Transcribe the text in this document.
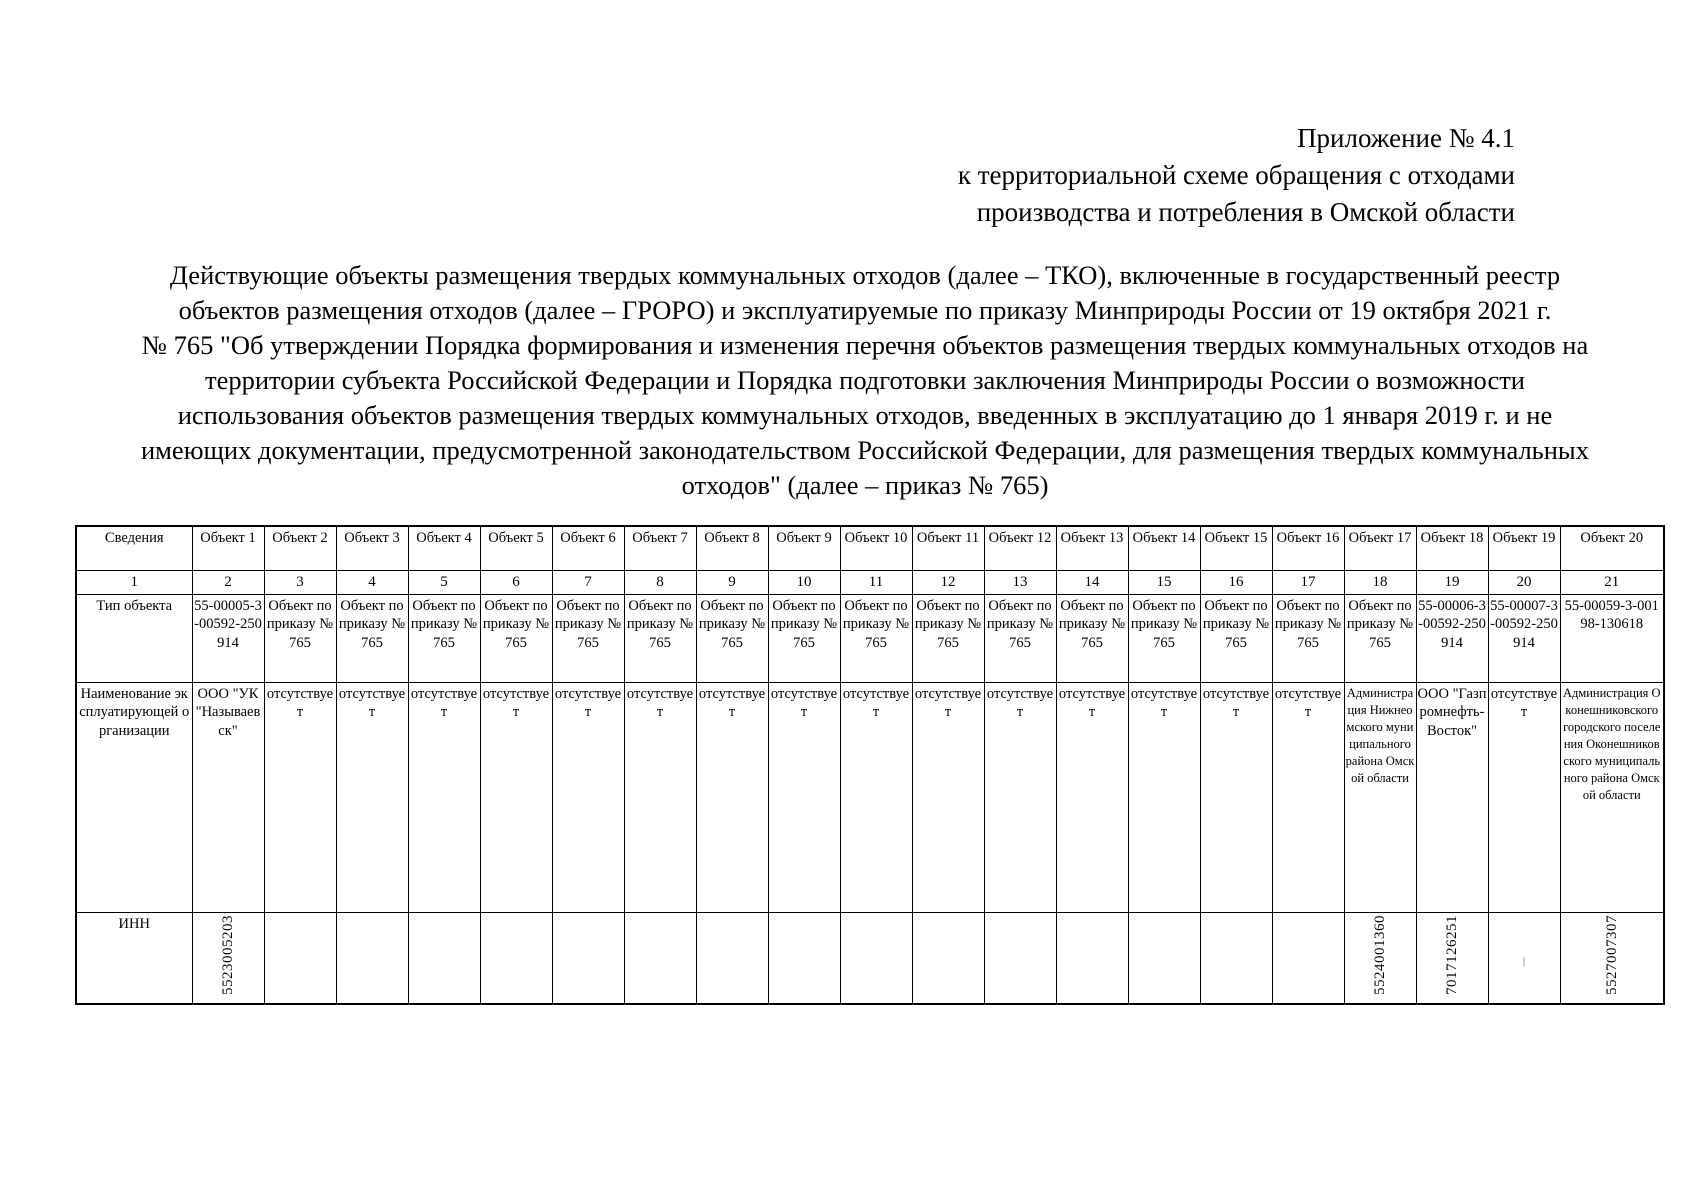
Приложение № 4.1
к территориальной схеме обращения с отходами
производства и потребления в Омской области
Действующие объекты размещения твердых коммунальных отходов (далее – ТКО), включенные в государственный реестр
объектов размещения отходов (далее – ГРОРО) и эксплуатируемые по приказу Минприроды России от 19 октября 2021 г.
№ 765 "Об утверждении Порядка формирования и изменения перечня объектов размещения твердых коммунальных отходов на
территории субъекта Российской Федерации и Порядка подготовки заключения Минприроды России о возможности
использования объектов размещения твердых коммунальных отходов, введенных в эксплуатацию до 1 января 2019 г. и не
имеющих документации, предусмотренной законодательством Российской Федерации, для размещения твердых коммунальных
отходов" (далее – приказ № 765)
Сведения	Объект 1	Объект 2	Объект 3	Объект 4	Объект 5	Объект 6	Объект 7	Объект 8	Объект 9	Объект 10	Объект 11	Объект 12	Объект 13	Объект 14	Объект 15	Объект 16	Объект 17	Объект 18	Объект 19	Объект 20
1	2	3	4	5	6	7	8	9	10	11	12	13	14	15	16	17	18	19	20	21
Тип объекта	55-00005-3-00592-250914	Объект по приказу № 765	Объект по приказу № 765	Объект по приказу № 765	Объект по приказу № 765	Объект по приказу № 765	Объект по приказу № 765	Объект по приказу № 765	Объект по приказу № 765	Объект по приказу № 765	Объект по приказу № 765	Объект по приказу № 765	Объект по приказу № 765	Объект по приказу № 765	Объект по приказу № 765	Объект по приказу № 765	Объект по приказу № 765	55-00006-3-00592-250914	55-00007-3-00592-250914	55-00059-3-00198-130618
Наименование эксплуатирующей организации	ООО "УК "Называевск"	отсутствует	отсутствует	отсутствует	отсутствует	отсутствует	отсутствует	отсутствует	отсутствует	отсутствует	отсутствует	отсутствует	отсутствует	отсутствует	отсутствует	отсутствует	Администрация Нижнеомского муниципального района Омской области	ООО "Газпромнефть-Восток"	отсутствует	Администрация Оконешниковского городского поселения Оконешниковского муниципального района Омской области
ИНН	5523005203																5524001360	7017126251	|	5527007307
